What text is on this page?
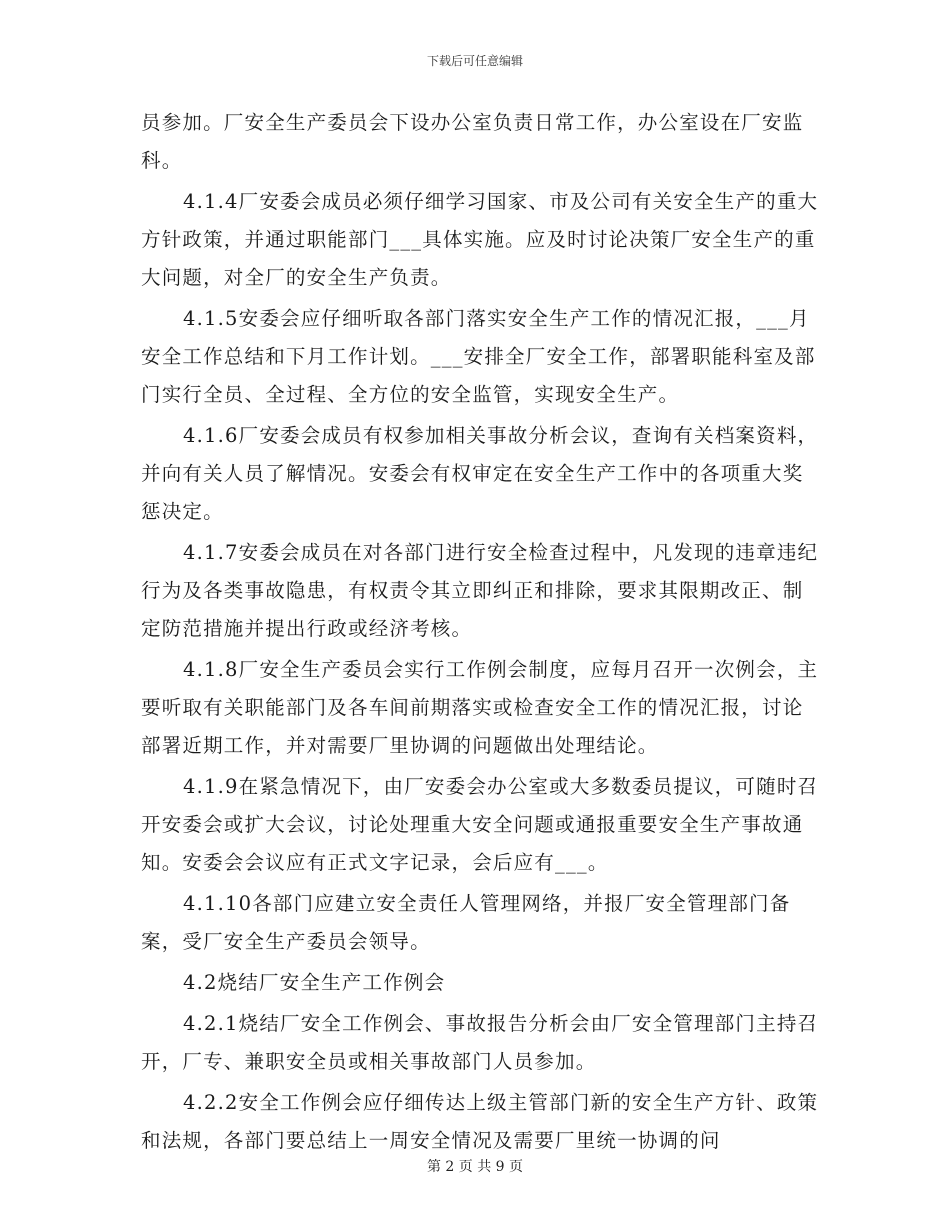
下载后可任意编辑

员参加。厂安全生产委员会下设办公室负责日常工作，办公室设在厂安监科。

4.1.4厂安委会成员必须仔细学习国家、市及公司有关安全生产的重大方针政策，并通过职能部门___具体实施。应及时讨论决策厂安全生产的重大问题，对全厂的安全生产负责。

4.1.5安委会应仔细听取各部门落实安全生产工作的情况汇报，___月安全工作总结和下月工作计划。___安排全厂安全工作，部署职能科室及部门实行全员、全过程、全方位的安全监管，实现安全生产。

4.1.6厂安委会成员有权参加相关事故分析会议，查询有关档案资料，并向有关人员了解情况。安委会有权审定在安全生产工作中的各项重大奖惩决定。

4.1.7安委会成员在对各部门进行安全检查过程中，凡发现的违章违纪行为及各类事故隐患，有权责令其立即纠正和排除，要求其限期改正、制定防范措施并提出行政或经济考核。

4.1.8厂安全生产委员会实行工作例会制度，应每月召开一次例会，主要听取有关职能部门及各车间前期落实或检查安全工作的情况汇报，讨论部署近期工作，并对需要厂里协调的问题做出处理结论。

4.1.9在紧急情况下，由厂安委会办公室或大多数委员提议，可随时召开安委会或扩大会议，讨论处理重大安全问题或通报重要安全生产事故通知。安委会会议应有正式文字记录，会后应有___。

4.1.10各部门应建立安全责任人管理网络，并报厂安全管理部门备案，受厂安全生产委员会领导。

4.2烧结厂安全生产工作例会

4.2.1烧结厂安全工作例会、事故报告分析会由厂安全管理部门主持召开，厂专、兼职安全员或相关事故部门人员参加。

4.2.2安全工作例会应仔细传达上级主管部门新的安全生产方针、政策和法规，各部门要总结上一周安全情况及需要厂里统一协调的问

第 2 页 共 9 页
